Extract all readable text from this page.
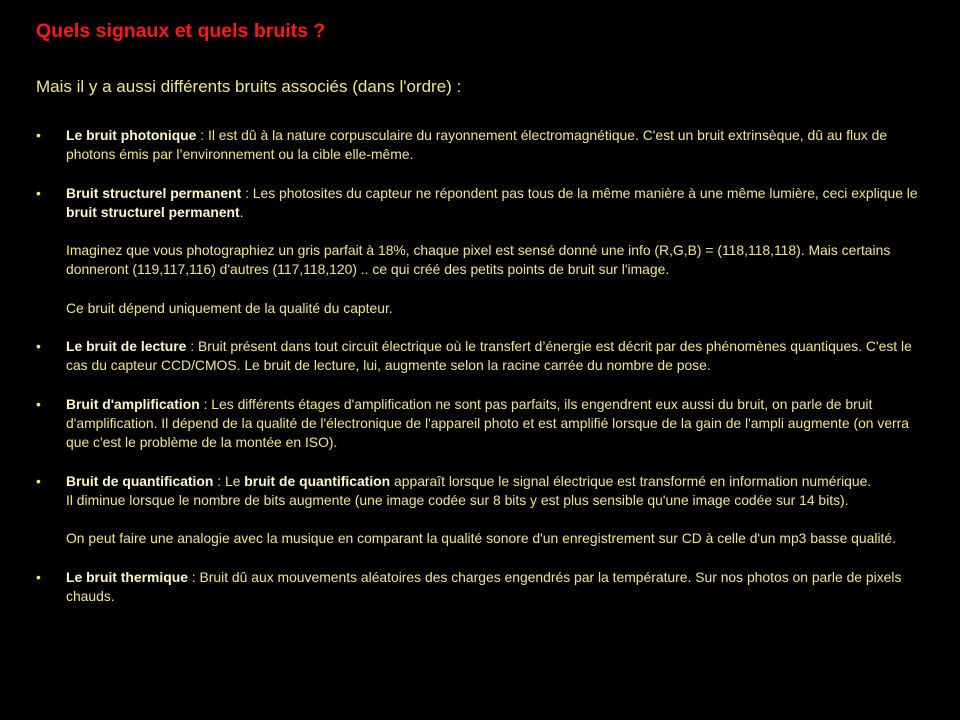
Quels signaux et quels bruits ?
Mais il y a aussi différents bruits associés (dans l'ordre) :
•	Le bruit photonique : Il est dû à la nature corpusculaire du rayonnement électromagnétique. C'est un bruit extrinsèque, dû au flux de photons émis par l’environnement ou la cible elle-même.

•	Bruit structurel permanent : Les photosites du capteur ne répondent pas tous de la même manière à une même lumière, ceci explique le bruit structurel permanent.

Imaginez que vous photographiez un gris parfait à 18%, chaque pixel est sensé donné une info (R,G,B) = (118,118,118). Mais certains donneront (119,117,116) d'autres (117,118,120) .. ce qui créé des petits points de bruit sur l'image.

Ce bruit dépend uniquement de la qualité du capteur.

•	Le bruit de lecture : Bruit présent dans tout circuit électrique où le transfert d’énergie est décrit par des phénomènes quantiques. C'est le cas du capteur CCD/CMOS. Le bruit de lecture, lui, augmente selon la racine carrée du nombre de pose.

•	Bruit d'amplification : Les différents étages d'amplification ne sont pas parfaits, ils engendrent eux aussi du bruit, on parle de bruit d'amplification. Il dépend de la qualité de l'électronique de l'appareil photo et est amplifié lorsque de la gain de l'ampli augmente (on verra que c'est le problème de la montée en ISO).

•	Bruit de quantification : Le bruit de quantification apparaît lorsque le signal électrique est transformé en information numérique.

Il diminue lorsque le nombre de bits augmente (une image codée sur 8 bits y est plus sensible qu'une image codée sur 14 bits).

On peut faire une analogie avec la musique en comparant la qualité sonore d'un enregistrement sur CD à celle d'un mp3 basse qualité.

•	Le bruit thermique : Bruit dû aux mouvements aléatoires des charges engendrés par la température. Sur nos photos on parle de pixels chauds.
